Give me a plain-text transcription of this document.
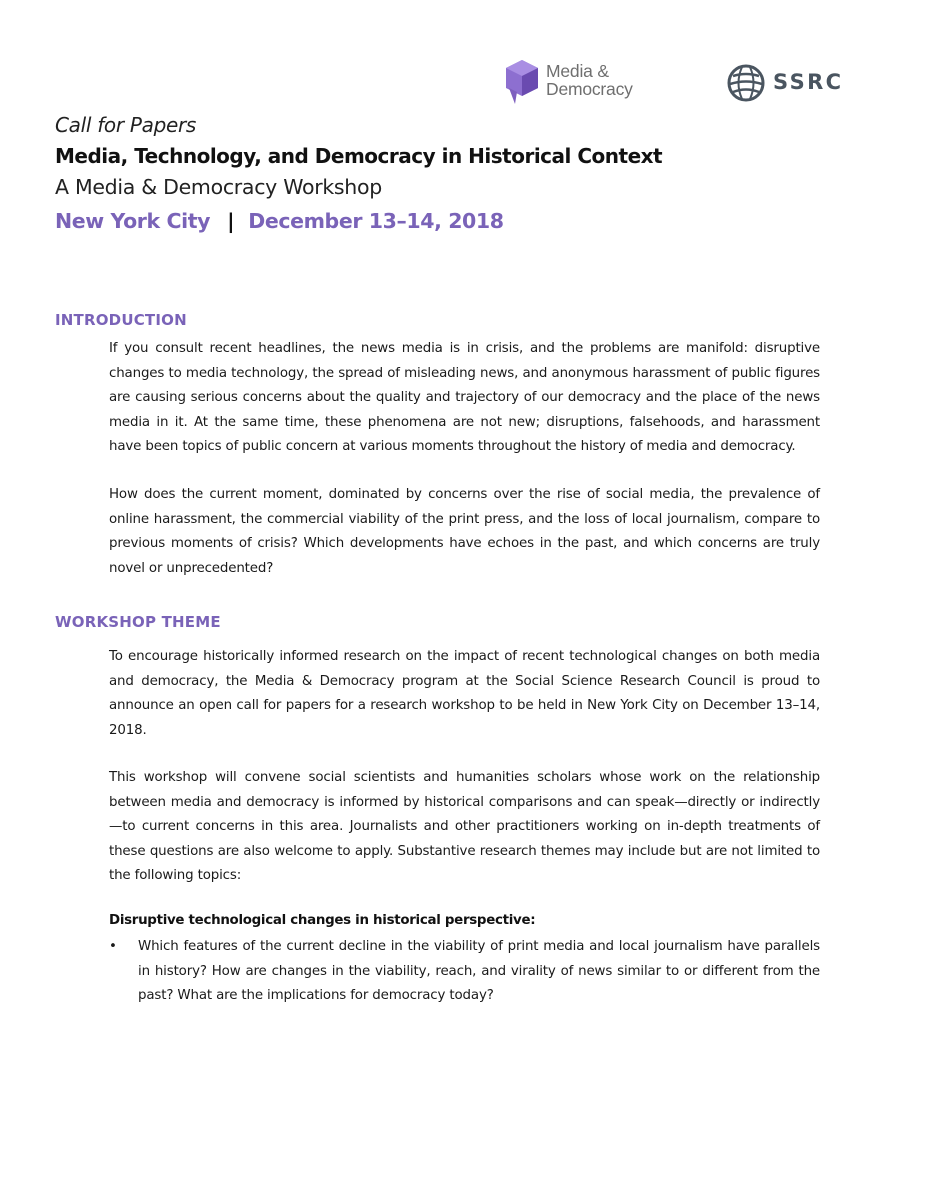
Media &
Democracy	SSRC

Call for Papers

Media, Technology, and Democracy in Historical Context

A Media & Democracy Workshop

New York City | December 13–14, 2018

INTRODUCTION

If you consult recent headlines, the news media is in crisis, and the problems are manifold: disruptive changes to media technology, the spread of misleading news, and anonymous harassment of public figures are causing serious concerns about the quality and trajectory of our democracy and the place of the news media in it. At the same time, these phenomena are not new; disruptions, falsehoods, and harassment have been topics of public concern at various moments throughout the history of media and democracy.

How does the current moment, dominated by concerns over the rise of social media, the prevalence of online harassment, the commercial viability of the print press, and the loss of local journalism, compare to previous moments of crisis? Which developments have echoes in the past, and which concerns are truly novel or unprecedented?

WORKSHOP THEME

To encourage historically informed research on the impact of recent technological changes on both media and democracy, the Media & Democracy program at the Social Science Research Council is proud to announce an open call for papers for a research workshop to be held in New York City on December 13–14, 2018.

This workshop will convene social scientists and humanities scholars whose work on the relationship between media and democracy is informed by historical comparisons and can speak—directly or indirectly—to current concerns in this area. Journalists and other practitioners working on in-depth treatments of these questions are also welcome to apply. Substantive research themes may include but are not limited to the following topics:

Disruptive technological changes in historical perspective:

• Which features of the current decline in the viability of print media and local journalism have parallels in history? How are changes in the viability, reach, and virality of news similar to or different from the past? What are the implications for democracy today?
